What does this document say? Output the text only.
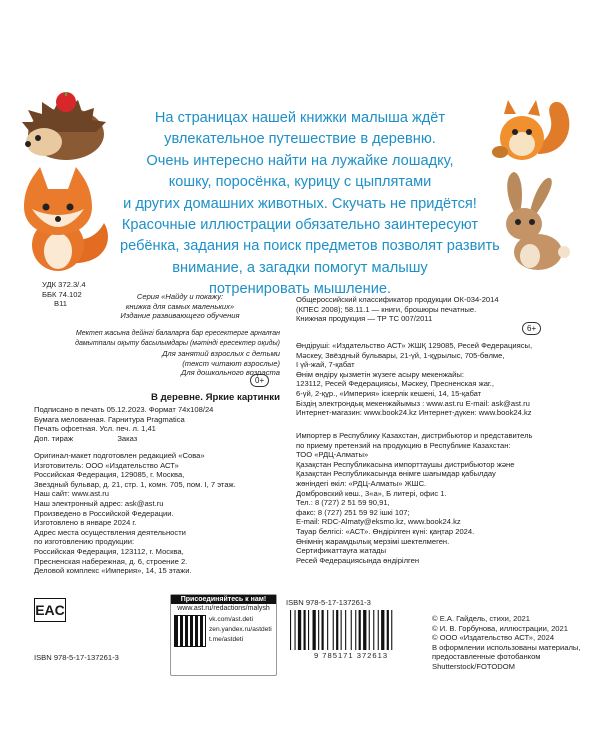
На страницах нашей книжки малыша ждёт
увлекательное путешествие в деревню.
Очень интересно найти на лужайке лошадку,
кошку, поросёнка, курицу с цыплятами
и других домашних животных. Скучать не придётся!
Красочные иллюстрации обязательно заинтересуют
ребёнка, задания на поиск предметов позволят развить
внимание, а загадки помогут малышу
потренировать мышление.
УДК 372.3/.4
ББК 74.102
В11
Серия «Найду и покажу:
книжка для самых маленьких»
Издание развивающего обучения
Мектеп жасына дейінгі балаларға бар ересектерге арналған
дамытпалы оқыту басылымдары (мәтінді ересектер оқиды)
Для занятий взрослых с детьми
(текст читают взрослые)
Для дошкольного возраста
0+
В деревне. Яркие картинки
Подписано в печать 05.12.2023. Формат 74x108/24
Бумага мелованная. Гарнитура Pragmatica
Печать офсетная. Усл. печ. л. 1,41
Доп. тираж                     Заказ
Оригинал-макет подготовлен редакцией «Сова»
Изготовитель: ООО «Издательство АСТ»
Российская Федерация, 129085, г. Москва,
Звездный бульвар, д. 21, стр. 1, комн. 705, пом. I, 7 этаж.
Наш сайт: www.ast.ru
Наш электронный адрес: ask@ast.ru
Произведено в Российской Федерации.
Изготовлено в январе 2024 г.
Адрес места осуществления деятельности
по изготовлению продукции:
Российская Федерация, 123112, г. Москва,
Пресненская набережная, д. 6, строение 2.
Деловой комплекс «Империя», 14, 15 этажи.
Общероссийский классификатор продукции ОК-034-2014
(КПЕС 2008); 58.11.1 — книги, брошюры печатные.
Книжная продукция — ТР ТС 007/2011
6+
Өндіруші: «Издательство АСТ» ЖШҚ 129085, Ресей Федерациясы,
Мәскеу, Звёздный бульвары, 21-үй, 1-құрылыс, 705-бөлме,
I үй-жай, 7-қабат
Өнім өндіру қызметін жүзеге асыру мекенжайы:
123112, Ресей Федерациясы, Мәскеу, Пресненская жаг.,
6-үй, 2-құр., «Империя» іскерлік кешені, 14, 15-қабат
Біздің электрондық мекенжайымыз : www.ast.ru E-mail: ask@ast.ru
Интернет-магазин: www.book24.kz Интернет-дүкен: www.book24.kz
Импортер в Республику Казахстан, дистрибьютор и представитель
по приему претензий на продукцию в Республике Казахстан:
ТОО «РДЦ-Алматы»
Қазақстан Республикасына импорттаушы дистрибьютор және
Қазақстан Республикасында өнімге шағымдар қабылдау
жөніндегі өкіл: «РДЦ-Алматы» ЖШС.
Домбровский көш., 3«а», Б литері, офис 1.
Тел.: 8 (727) 2 51 59 90,91,
факс: 8 (727) 251 59 92 ішкі 107;
E-mail: RDC-Almaty@eksmo.kz, www.book24.kz
Тауар белгісі: «АСТ». Өндірілген күні: қаңтар 2024.
Өнімнің жарамдылық мерзімі шектелмеген.
Сертификаттауға жатады
Ресей Федерациясында өндірілген
EAC
Присоединяйтесь к нам!
www.ast.ru/redactions/malysh
vk.com/ast.deti
zen.yandex.ru/astdeti
t.me/astdeti
ISBN 978-5-17-137261-3
ISBN 978-5-17-137261-3
9 785171 372613
© Е.А. Гайдель, стихи, 2021
© И. В. Горбунова, иллюстрации, 2021
© ООО «Издательство АСТ», 2024
В оформлении использованы материалы,
предоставленные фотобанком
Shutterstock/FOTODOM
